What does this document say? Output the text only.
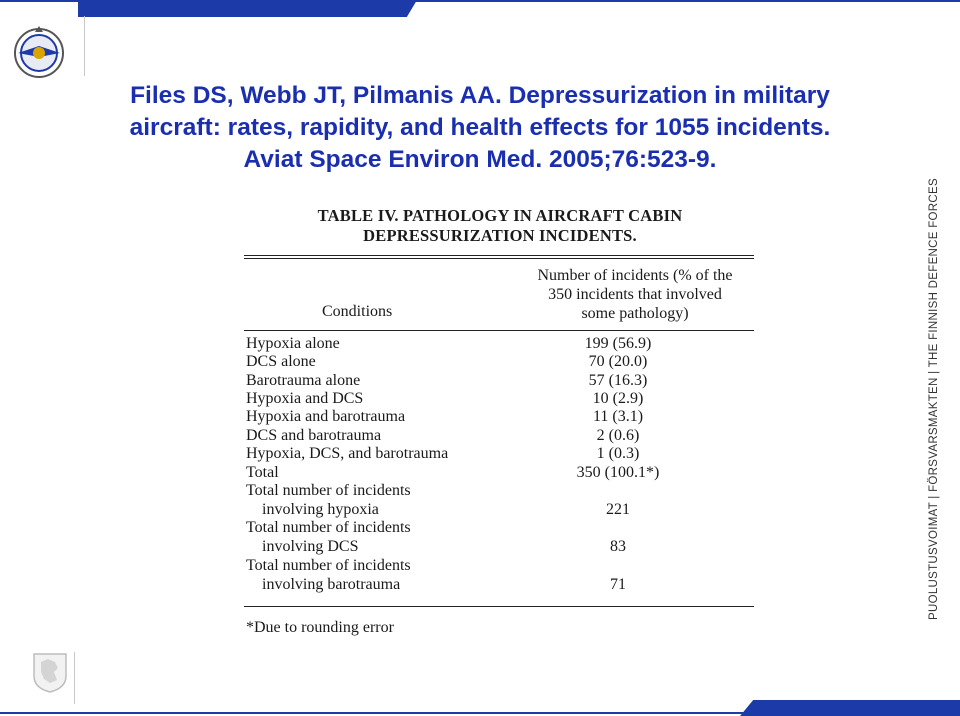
Files DS, Webb JT, Pilmanis AA. Depressurization in military
aircraft: rates, rapidity, and health effects for 1055 incidents.
Aviat Space Environ Med. 2005;76:523-9.
PUOLUSTUSVOIMAT | FÖRSVARSMAKTEN | THE FINNISH DEFENCE FORCES
TABLE IV. PATHOLOGY IN AIRCRAFT CABIN
DEPRESSURIZATION INCIDENTS.
Number of incidents (% of the
350 incidents that involved
some pathology)
Conditions
Hypoxia alone	199 (56.9)
DCS alone	70 (20.0)
Barotrauma alone	57 (16.3)
Hypoxia and DCS	10 (2.9)
Hypoxia and barotrauma	11 (3.1)
DCS and barotrauma	2 (0.6)
Hypoxia, DCS, and barotrauma	1 (0.3)
Total	350 (100.1*)
Total number of incidents
involving hypoxia	221
Total number of incidents
involving DCS	83
Total number of incidents
involving barotrauma	71
*Due to rounding error
